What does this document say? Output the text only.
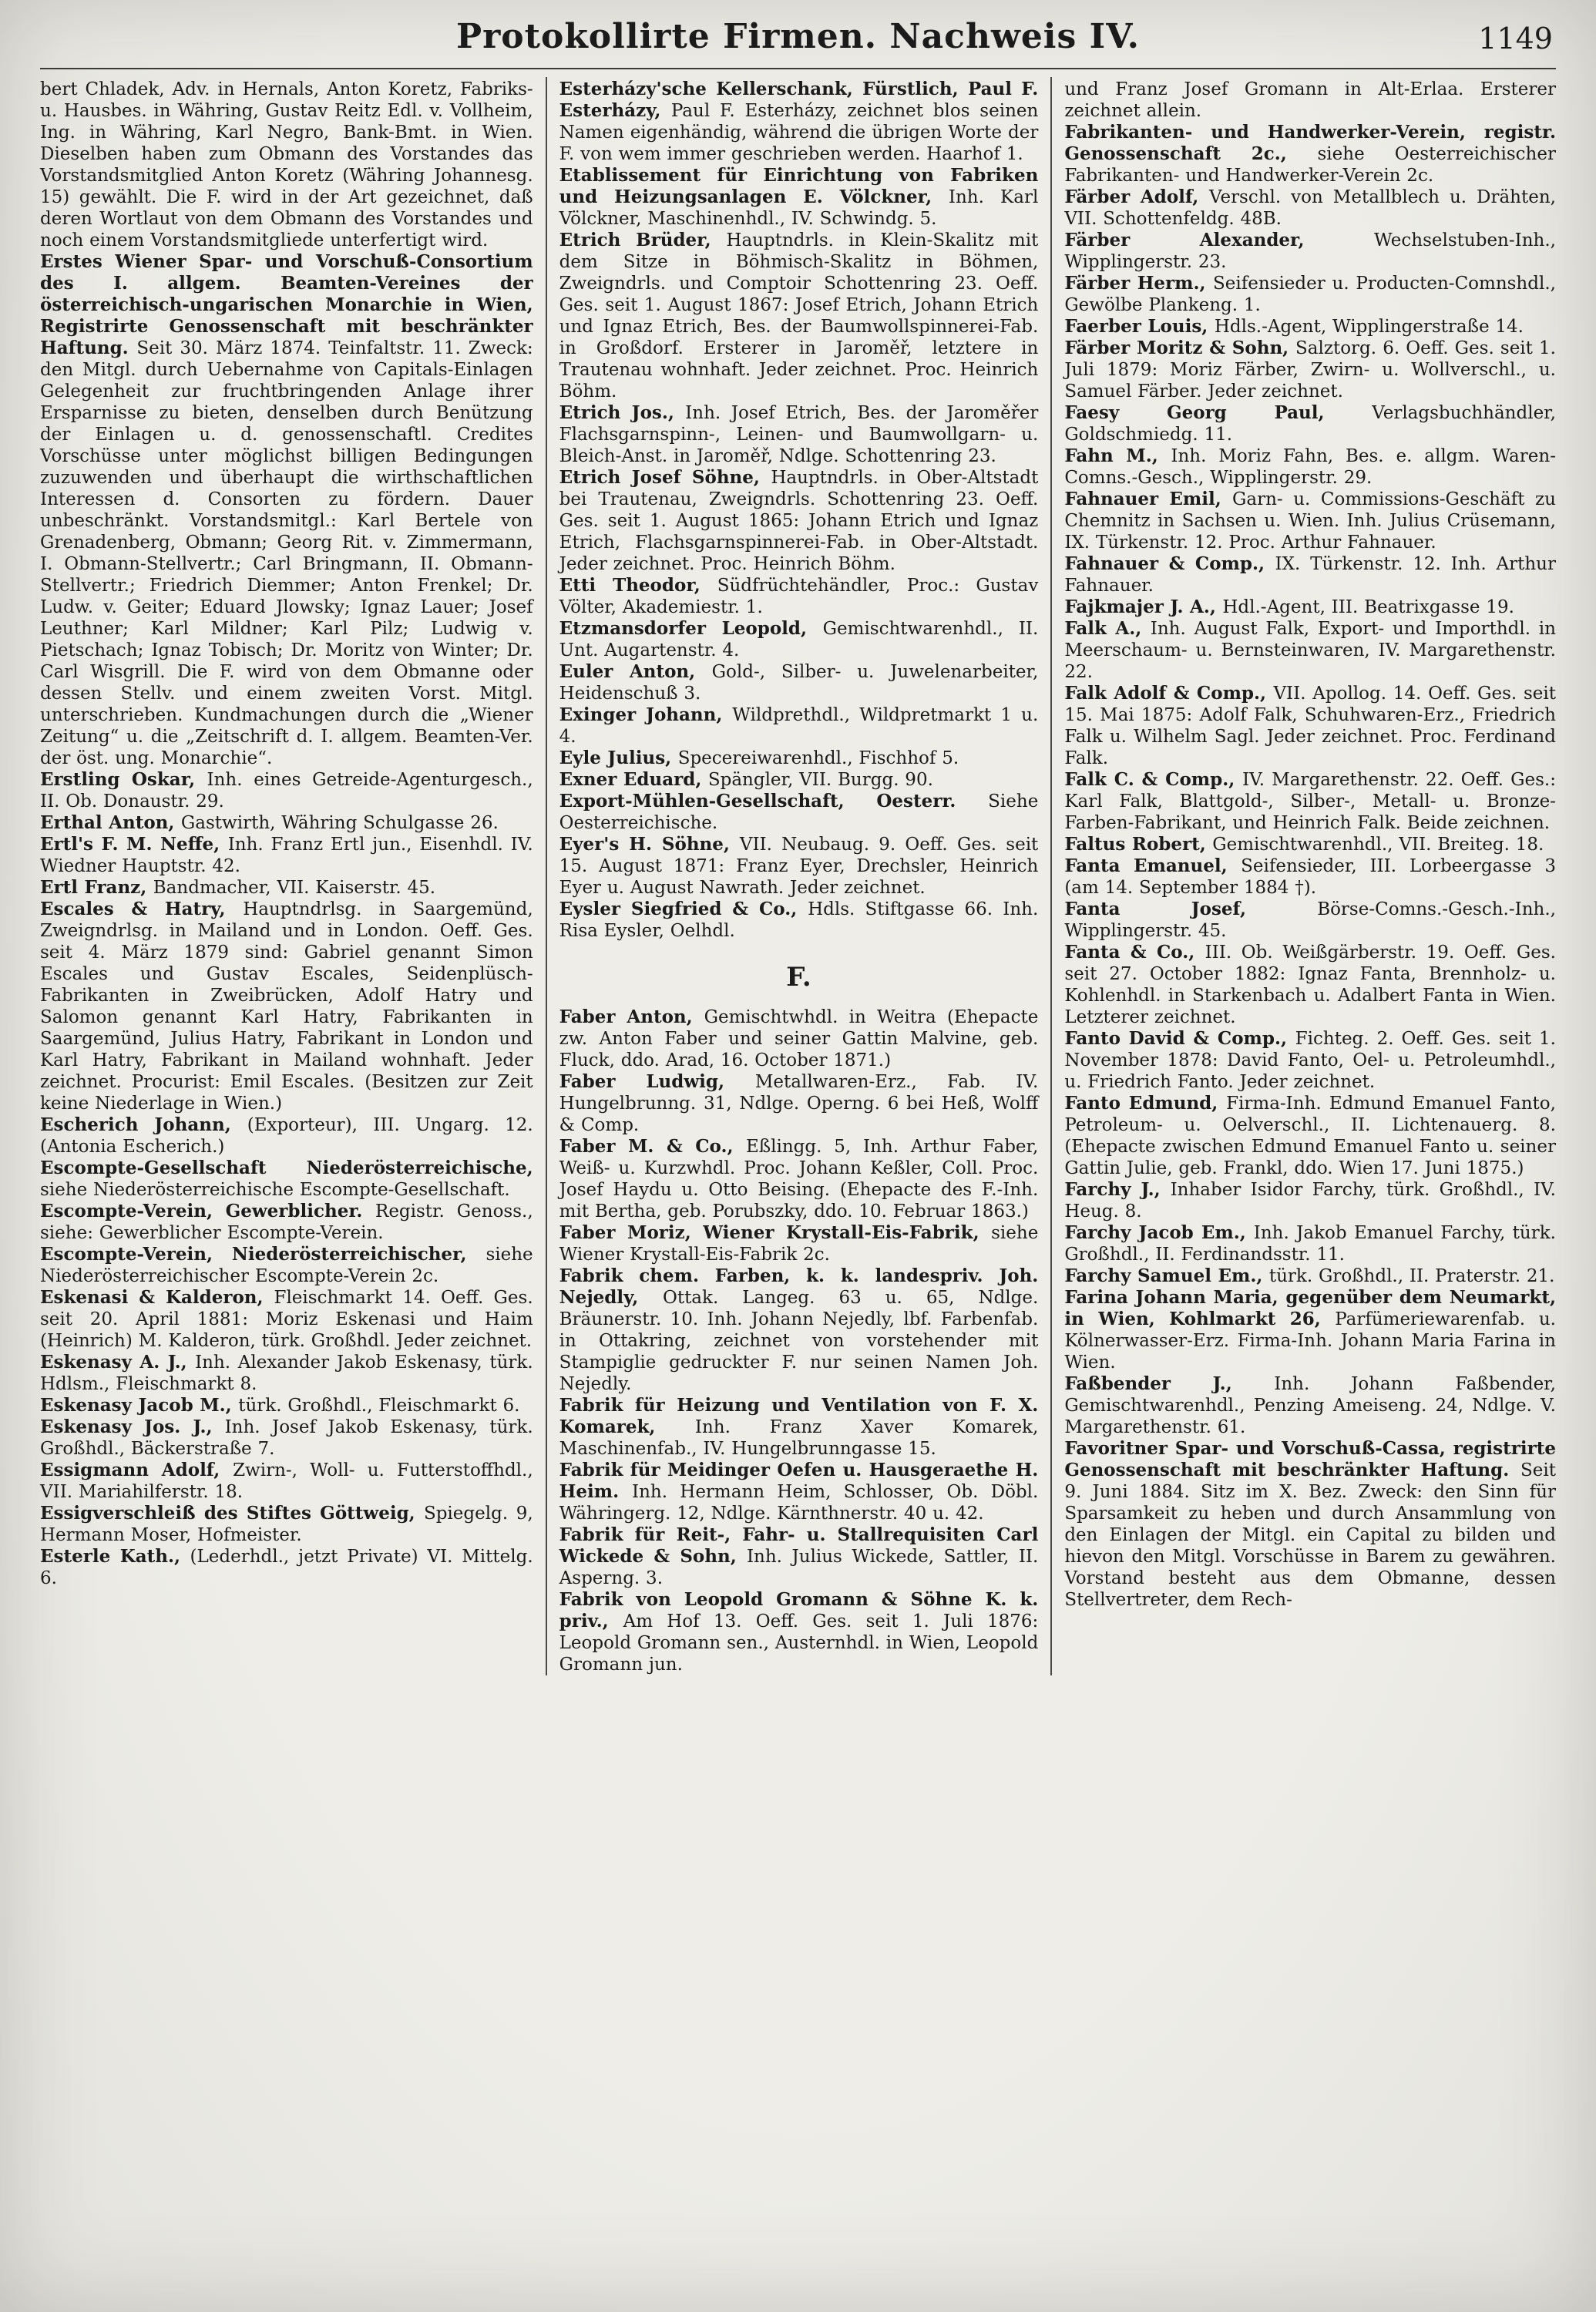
Protokollirte Firmen. Nachweis IV.	1149

bert Chladek, Adv. in Hernals, Anton Koretz, Fabriks- u. Hausbes. in Währing, Gustav Reitz Edl. v. Vollheim, Ing. in Währing, Karl Negro, Bank-Bmt. in Wien. Dieselben haben zum Obmann des Vorstandes das Vorstandsmitglied Anton Koretz (Währing Johannesg. 15) gewählt. Die F. wird in der Art gezeichnet, daß deren Wortlaut von dem Obmann des Vorstandes und noch einem Vorstandsmitgliede unterfertigt wird.

Erstes Wiener Spar- und Vorschuß-Consortium des I. allgem. Beamten-Vereines der österreichisch-ungarischen Monarchie in Wien, Registrirte Genossenschaft mit beschränkter Haftung. Seit 30. März 1874. Teinfaltstr. 11. Zweck: den Mitgl. durch Uebernahme von Capitals-Einlagen Gelegenheit zur fruchtbringenden Anlage ihrer Ersparnisse zu bieten, denselben durch Benützung der Einlagen u. d. genossenschaftl. Credites Vorschüsse unter möglichst billigen Bedingungen zuzuwenden und überhaupt die wirthschaftlichen Interessen d. Consorten zu fördern. Dauer unbeschränkt. Vorstandsmitgl.: Karl Bertele von Grenadenberg, Obmann; Georg Rit. v. Zimmermann, I. Obmann-Stellvertr.; Carl Bringmann, II. Obmann-Stellvertr.; Friedrich Diemmer; Anton Frenkel; Dr. Ludw. v. Geiter; Eduard Jlowsky; Ignaz Lauer; Josef Leuthner; Karl Mildner; Karl Pilz; Ludwig v. Pietschach; Ignaz Tobisch; Dr. Moritz von Winter; Dr. Carl Wisgrill. Die F. wird von dem Obmanne oder dessen Stellv. und einem zweiten Vorst. Mitgl. unterschrieben. Kundmachungen durch die „Wiener Zeitung“ u. die „Zeitschrift d. I. allgem. Beamten-Ver. der öst. ung. Monarchie“.

Erstling Oskar, Inh. eines Getreide-Agenturgesch., II. Ob. Donaustr. 29.

Erthal Anton, Gastwirth, Währing Schulgasse 26.

Ertl's F. M. Neffe, Inh. Franz Ertl jun., Eisenhdl. IV. Wiedner Hauptstr. 42.

Ertl Franz, Bandmacher, VII. Kaiserstr. 45.

Escales & Hatry, Hauptndrlsg. in Saargemünd, Zweigndrlsg. in Mailand und in London. Oeff. Ges. seit 4. März 1879 sind: Gabriel genannt Simon Escales und Gustav Escales, Seidenplüsch-Fabrikanten in Zweibrücken, Adolf Hatry und Salomon genannt Karl Hatry, Fabrikanten in Saargemünd, Julius Hatry, Fabrikant in London und Karl Hatry, Fabrikant in Mailand wohnhaft. Jeder zeichnet. Procurist: Emil Escales. (Besitzen zur Zeit keine Niederlage in Wien.)

Escherich Johann, (Exporteur), III. Ungarg. 12. (Antonia Escherich.)

Escompte-Gesellschaft Niederösterreichische, siehe Niederösterreichische Escompte-Gesellschaft.

Escompte-Verein, Gewerblicher. Registr. Genoss., siehe: Gewerblicher Escompte-Verein.

Escompte-Verein, Niederösterreichischer, siehe Niederösterreichischer Escompte-Verein 2c.

Eskenasi & Kalderon, Fleischmarkt 14. Oeff. Ges. seit 20. April 1881: Moriz Eskenasi und Haim (Heinrich) M. Kalderon, türk. Großhdl. Jeder zeichnet.

Eskenasy A. J., Inh. Alexander Jakob Eskenasy, türk. Hdlsm., Fleischmarkt 8.

Eskenasy Jacob M., türk. Großhdl., Fleischmarkt 6.

Eskenasy Jos. J., Inh. Josef Jakob Eskenasy, türk. Großhdl., Bäckerstraße 7.

Essigmann Adolf, Zwirn-, Woll- u. Futterstoffhdl., VII. Mariahilferstr. 18.

Essigverschleiß des Stiftes Göttweig, Spiegelg. 9, Hermann Moser, Hofmeister.

Esterle Kath., (Lederhdl., jetzt Private) VI. Mittelg. 6.

Esterházy'sche Kellerschank, Fürstlich, Paul F. Esterházy, Paul F. Esterházy, zeichnet blos seinen Namen eigenhändig, während die übrigen Worte der F. von wem immer geschrieben werden. Haarhof 1.

Etablissement für Einrichtung von Fabriken und Heizungsanlagen E. Völckner, Inh. Karl Völckner, Maschinenhdl., IV. Schwindg. 5.

Etrich Brüder, Hauptndrls. in Klein-Skalitz mit dem Sitze in Böhmisch-Skalitz in Böhmen, Zweigndrls. und Comptoir Schottenring 23. Oeff. Ges. seit 1. August 1867: Josef Etrich, Johann Etrich und Ignaz Etrich, Bes. der Baumwollspinnerei-Fab. in Großdorf. Ersterer in Jaroměř, letztere in Trautenau wohnhaft. Jeder zeichnet. Proc. Heinrich Böhm.

Etrich Jos., Inh. Josef Etrich, Bes. der Jaroměřer Flachsgarnspinn-, Leinen- und Baumwollgarn- u. Bleich-Anst. in Jaroměř, Ndlge. Schottenring 23.

Etrich Josef Söhne, Hauptndrls. in Ober-Altstadt bei Trautenau, Zweigndrls. Schottenring 23. Oeff. Ges. seit 1. August 1865: Johann Etrich und Ignaz Etrich, Flachsgarnspinnerei-Fab. in Ober-Altstadt. Jeder zeichnet. Proc. Heinrich Böhm.

Etti Theodor, Südfrüchtehändler, Proc.: Gustav Völter, Akademiestr. 1.

Etzmansdorfer Leopold, Gemischtwarenhdl., II. Unt. Augartenstr. 4.

Euler Anton, Gold-, Silber- u. Juwelenarbeiter, Heidenschuß 3.

Exinger Johann, Wildprethdl., Wildpretmarkt 1 u. 4.

Eyle Julius, Specereiwarenhdl., Fischhof 5.

Exner Eduard, Spängler, VII. Burgg. 90.

Export-Mühlen-Gesellschaft, Oesterr. Siehe Oesterreichische.

Eyer's H. Söhne, VII. Neubaug. 9. Oeff. Ges. seit 15. August 1871: Franz Eyer, Drechsler, Heinrich Eyer u. August Nawrath. Jeder zeichnet.

Eysler Siegfried & Co., Hdls. Stiftgasse 66. Inh. Risa Eysler, Oelhdl.

F.

Faber Anton, Gemischtwhdl. in Weitra (Ehepacte zw. Anton Faber und seiner Gattin Malvine, geb. Fluck, ddo. Arad, 16. October 1871.)

Faber Ludwig, Metallwaren-Erz., Fab. IV. Hungelbrunng. 31, Ndlge. Operng. 6 bei Heß, Wolff & Comp.

Faber M. & Co., Eßlingg. 5, Inh. Arthur Faber, Weiß- u. Kurzwhdl. Proc. Johann Keßler, Coll. Proc. Josef Haydu u. Otto Beising. (Ehepacte des F.-Inh. mit Bertha, geb. Porubszky, ddo. 10. Februar 1863.)

Faber Moriz, Wiener Krystall-Eis-Fabrik, siehe Wiener Krystall-Eis-Fabrik 2c.

Fabrik chem. Farben, k. k. landespriv. Joh. Nejedly, Ottak. Langeg. 63 u. 65, Ndlge. Bräunerstr. 10. Inh. Johann Nejedly, lbf. Farbenfab. in Ottakring, zeichnet von vorstehender mit Stampiglie gedruckter F. nur seinen Namen Joh. Nejedly.

Fabrik für Heizung und Ventilation von F. X. Komarek, Inh. Franz Xaver Komarek, Maschinenfab., IV. Hungelbrunngasse 15.

Fabrik für Meidinger Oefen u. Hausgeraethe H. Heim. Inh. Hermann Heim, Schlosser, Ob. Döbl. Währingerg. 12, Ndlge. Kärnthnerstr. 40 u. 42.

Fabrik für Reit-, Fahr- u. Stallrequisiten Carl Wickede & Sohn, Inh. Julius Wickede, Sattler, II. Asperng. 3.

Fabrik von Leopold Gromann & Söhne K. k. priv., Am Hof 13. Oeff. Ges. seit 1. Juli 1876: Leopold Gromann sen., Austernhdl. in Wien, Leopold Gromann jun.

und Franz Josef Gromann in Alt-Erlaa. Ersterer zeichnet allein.

Fabrikanten- und Handwerker-Verein, registr. Genossenschaft 2c., siehe Oesterreichischer Fabrikanten- und Handwerker-Verein 2c.

Färber Adolf, Verschl. von Metallblech u. Drähten, VII. Schottenfeldg. 48B.

Färber Alexander, Wechselstuben-Inh., Wipplingerstr. 23.

Färber Herm., Seifensieder u. Producten-Comnshdl., Gewölbe Plankeng. 1.

Faerber Louis, Hdls.-Agent, Wipplingerstraße 14.

Färber Moritz & Sohn, Salztorg. 6. Oeff. Ges. seit 1. Juli 1879: Moriz Färber, Zwirn- u. Wollverschl., u. Samuel Färber. Jeder zeichnet.

Faesy Georg Paul, Verlagsbuchhändler, Goldschmiedg. 11.

Fahn M., Inh. Moriz Fahn, Bes. e. allgm. Waren-Comns.-Gesch., Wipplingerstr. 29.

Fahnauer Emil, Garn- u. Commissions-Geschäft zu Chemnitz in Sachsen u. Wien. Inh. Julius Crüsemann, IX. Türkenstr. 12. Proc. Arthur Fahnauer.

Fahnauer & Comp., IX. Türkenstr. 12. Inh. Arthur Fahnauer.

Fajkmajer J. A., Hdl.-Agent, III. Beatrixgasse 19.

Falk A., Inh. August Falk, Export- und Importhdl. in Meerschaum- u. Bernsteinwaren, IV. Margarethenstr. 22.

Falk Adolf & Comp., VII. Apollog. 14. Oeff. Ges. seit 15. Mai 1875: Adolf Falk, Schuhwaren-Erz., Friedrich Falk u. Wilhelm Sagl. Jeder zeichnet. Proc. Ferdinand Falk.

Falk C. & Comp., IV. Margarethenstr. 22. Oeff. Ges.: Karl Falk, Blattgold-, Silber-, Metall- u. Bronze-Farben-Fabrikant, und Heinrich Falk. Beide zeichnen.

Faltus Robert, Gemischtwarenhdl., VII. Breiteg. 18.

Fanta Emanuel, Seifensieder, III. Lorbeergasse 3 (am 14. September 1884 †).

Fanta Josef, Börse-Comns.-Gesch.-Inh., Wipplingerstr. 45.

Fanta & Co., III. Ob. Weißgärberstr. 19. Oeff. Ges. seit 27. October 1882: Ignaz Fanta, Brennholz- u. Kohlenhdl. in Starkenbach u. Adalbert Fanta in Wien. Letzterer zeichnet.

Fanto David & Comp., Fichteg. 2. Oeff. Ges. seit 1. November 1878: David Fanto, Oel- u. Petroleumhdl., u. Friedrich Fanto. Jeder zeichnet.

Fanto Edmund, Firma-Inh. Edmund Emanuel Fanto, Petroleum- u. Oelverschl., II. Lichtenauerg. 8. (Ehepacte zwischen Edmund Emanuel Fanto u. seiner Gattin Julie, geb. Frankl, ddo. Wien 17. Juni 1875.)

Farchy J., Inhaber Isidor Farchy, türk. Großhdl., IV. Heug. 8.

Farchy Jacob Em., Inh. Jakob Emanuel Farchy, türk. Großhdl., II. Ferdinandsstr. 11.

Farchy Samuel Em., türk. Großhdl., II. Praterstr. 21.

Farina Johann Maria, gegenüber dem Neumarkt, in Wien, Kohlmarkt 26, Parfümeriewarenfab. u. Kölnerwasser-Erz. Firma-Inh. Johann Maria Farina in Wien.

Faßbender J., Inh. Johann Faßbender, Gemischtwarenhdl., Penzing Ameiseng. 24, Ndlge. V. Margarethenstr. 61.

Favoritner Spar- und Vorschuß-Cassa, registrirte Genossenschaft mit beschränkter Haftung. Seit 9. Juni 1884. Sitz im X. Bez. Zweck: den Sinn für Sparsamkeit zu heben und durch Ansammlung von den Einlagen der Mitgl. ein Capital zu bilden und hievon den Mitgl. Vorschüsse in Barem zu gewähren. Vorstand besteht aus dem Obmanne, dessen Stellvertreter, dem Rech-
